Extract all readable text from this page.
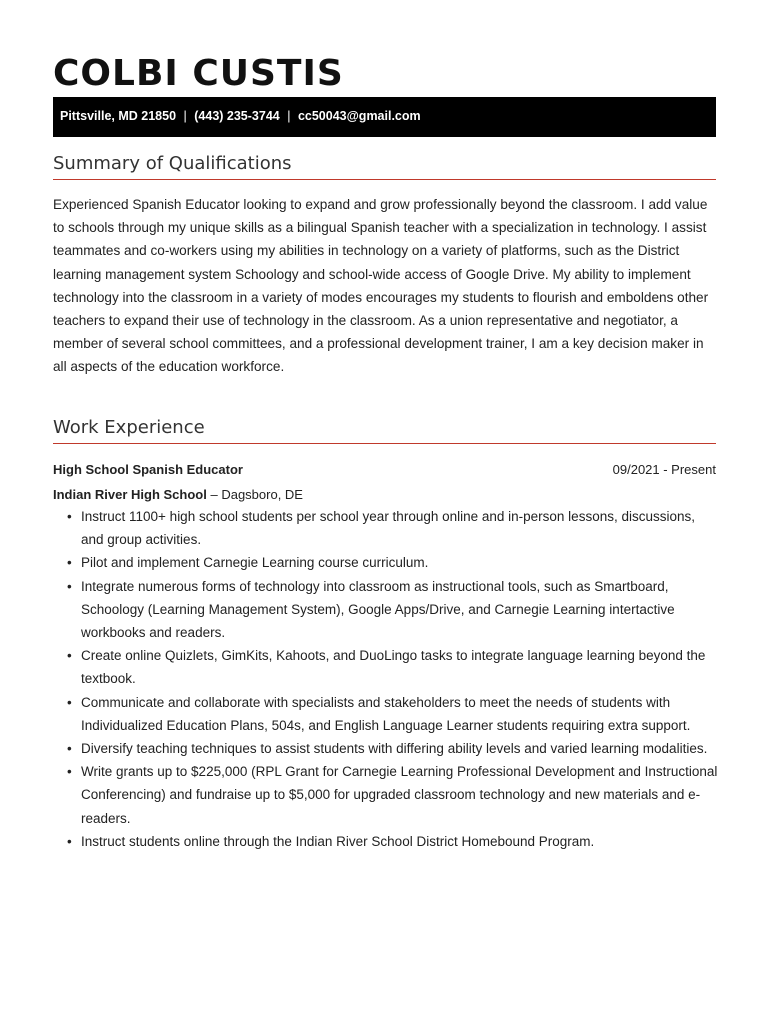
COLBI CUSTIS
Pittsville, MD 21850 | (443) 235-3744 | cc50043@gmail.com
Summary of Qualifications

Experienced Spanish Educator looking to expand and grow professionally beyond the classroom. I add value to schools through my unique skills as a bilingual Spanish teacher with a specialization in technology. I assist teammates and co-workers using my abilities in technology on a variety of platforms, such as the District learning management system Schoology and school-wide access of Google Drive. My ability to implement technology into the classroom in a variety of modes encourages my students to flourish and emboldens other teachers to expand their use of technology in the classroom. As a union representative and negotiator, a member of several school committees, and a professional development trainer, I am a key decision maker in all aspects of the education workforce.

Work Experience
High School Spanish Educator	09/2021 - Present
Indian River High School – Dagsboro, DE
• Instruct 1100+ high school students per school year through online and in-person lessons, discussions, and group activities.
• Pilot and implement Carnegie Learning course curriculum.
• Integrate numerous forms of technology into classroom as instructional tools, such as Smartboard, Schoology (Learning Management System), Google Apps/Drive, and Carnegie Learning intertactive workbooks and readers.
• Create online Quizlets, GimKits, Kahoots, and DuoLingo tasks to integrate language learning beyond the textbook.
• Communicate and collaborate with specialists and stakeholders to meet the needs of students with Individualized Education Plans, 504s, and English Language Learner students requiring extra support.
• Diversify teaching techniques to assist students with differing ability levels and varied learning modalities.
• Write grants up to $225,000 (RPL Grant for Carnegie Learning Professional Development and Instructional Conferencing) and fundraise up to $5,000 for upgraded classroom technology and new materials and e-readers.
• Instruct students online through the Indian River School District Homebound Program.
